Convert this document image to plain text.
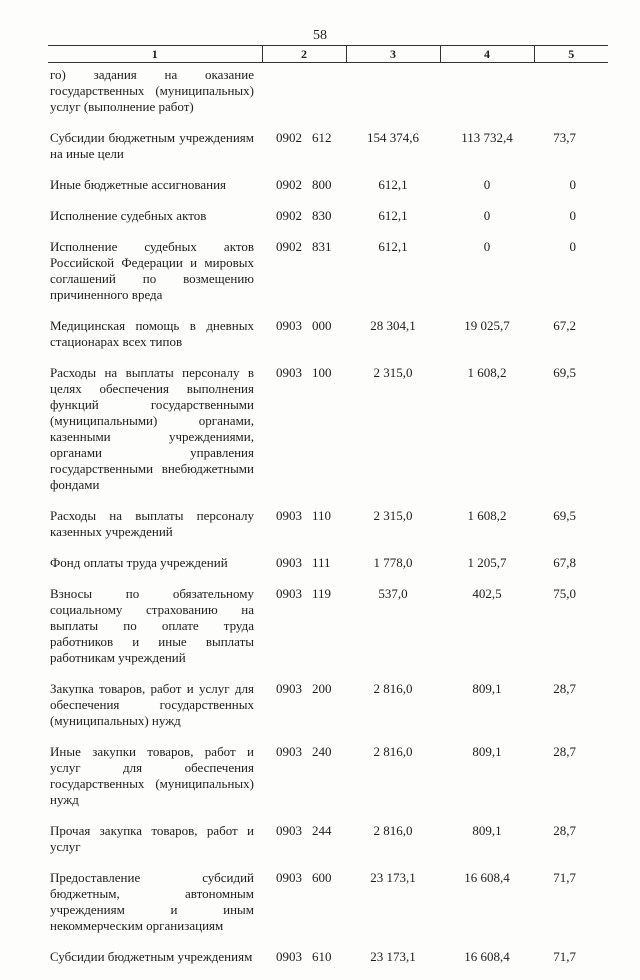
58
1	2	3	4	5
го) задания на оказание государственных (муниципальных) услуг (выполнение работ)				
Субсидии бюджетным учреждениям на иные цели	0902 612	154 374,6	113 732,4	73,7
Иные бюджетные ассигнования	0902 800	612,1	0	0
Исполнение судебных актов	0902 830	612,1	0	0
Исполнение судебных актов Российской Федерации и мировых соглашений по возмещению причиненного вреда	0902 831	612,1	0	0
Медицинская помощь в дневных стационарах всех типов	0903 000	28 304,1	19 025,7	67,2
Расходы на выплаты персоналу в целях обеспечения выполнения функций государственными (муниципальными) органами, казенными учреждениями, органами управления государственными внебюджетными фондами	0903 100	2 315,0	1 608,2	69,5
Расходы на выплаты персоналу казенных учреждений	0903 110	2 315,0	1 608,2	69,5
Фонд оплаты труда учреждений	0903 111	1 778,0	1 205,7	67,8
Взносы по обязательному социальному страхованию на выплаты по оплате труда работников и иные выплаты работникам учреждений	0903 119	537,0	402,5	75,0
Закупка товаров, работ и услуг для обеспечения государственных (муниципальных) нужд	0903 200	2 816,0	809,1	28,7
Иные закупки товаров, работ и услуг для обеспечения государственных (муниципальных) нужд	0903 240	2 816,0	809,1	28,7
Прочая закупка товаров, работ и услуг	0903 244	2 816,0	809,1	28,7
Предоставление субсидий бюджетным, автономным учреждениям и иным некоммерческим организациям	0903 600	23 173,1	16 608,4	71,7
Субсидии бюджетным учреждениям	0903 610	23 173,1	16 608,4	71,7
